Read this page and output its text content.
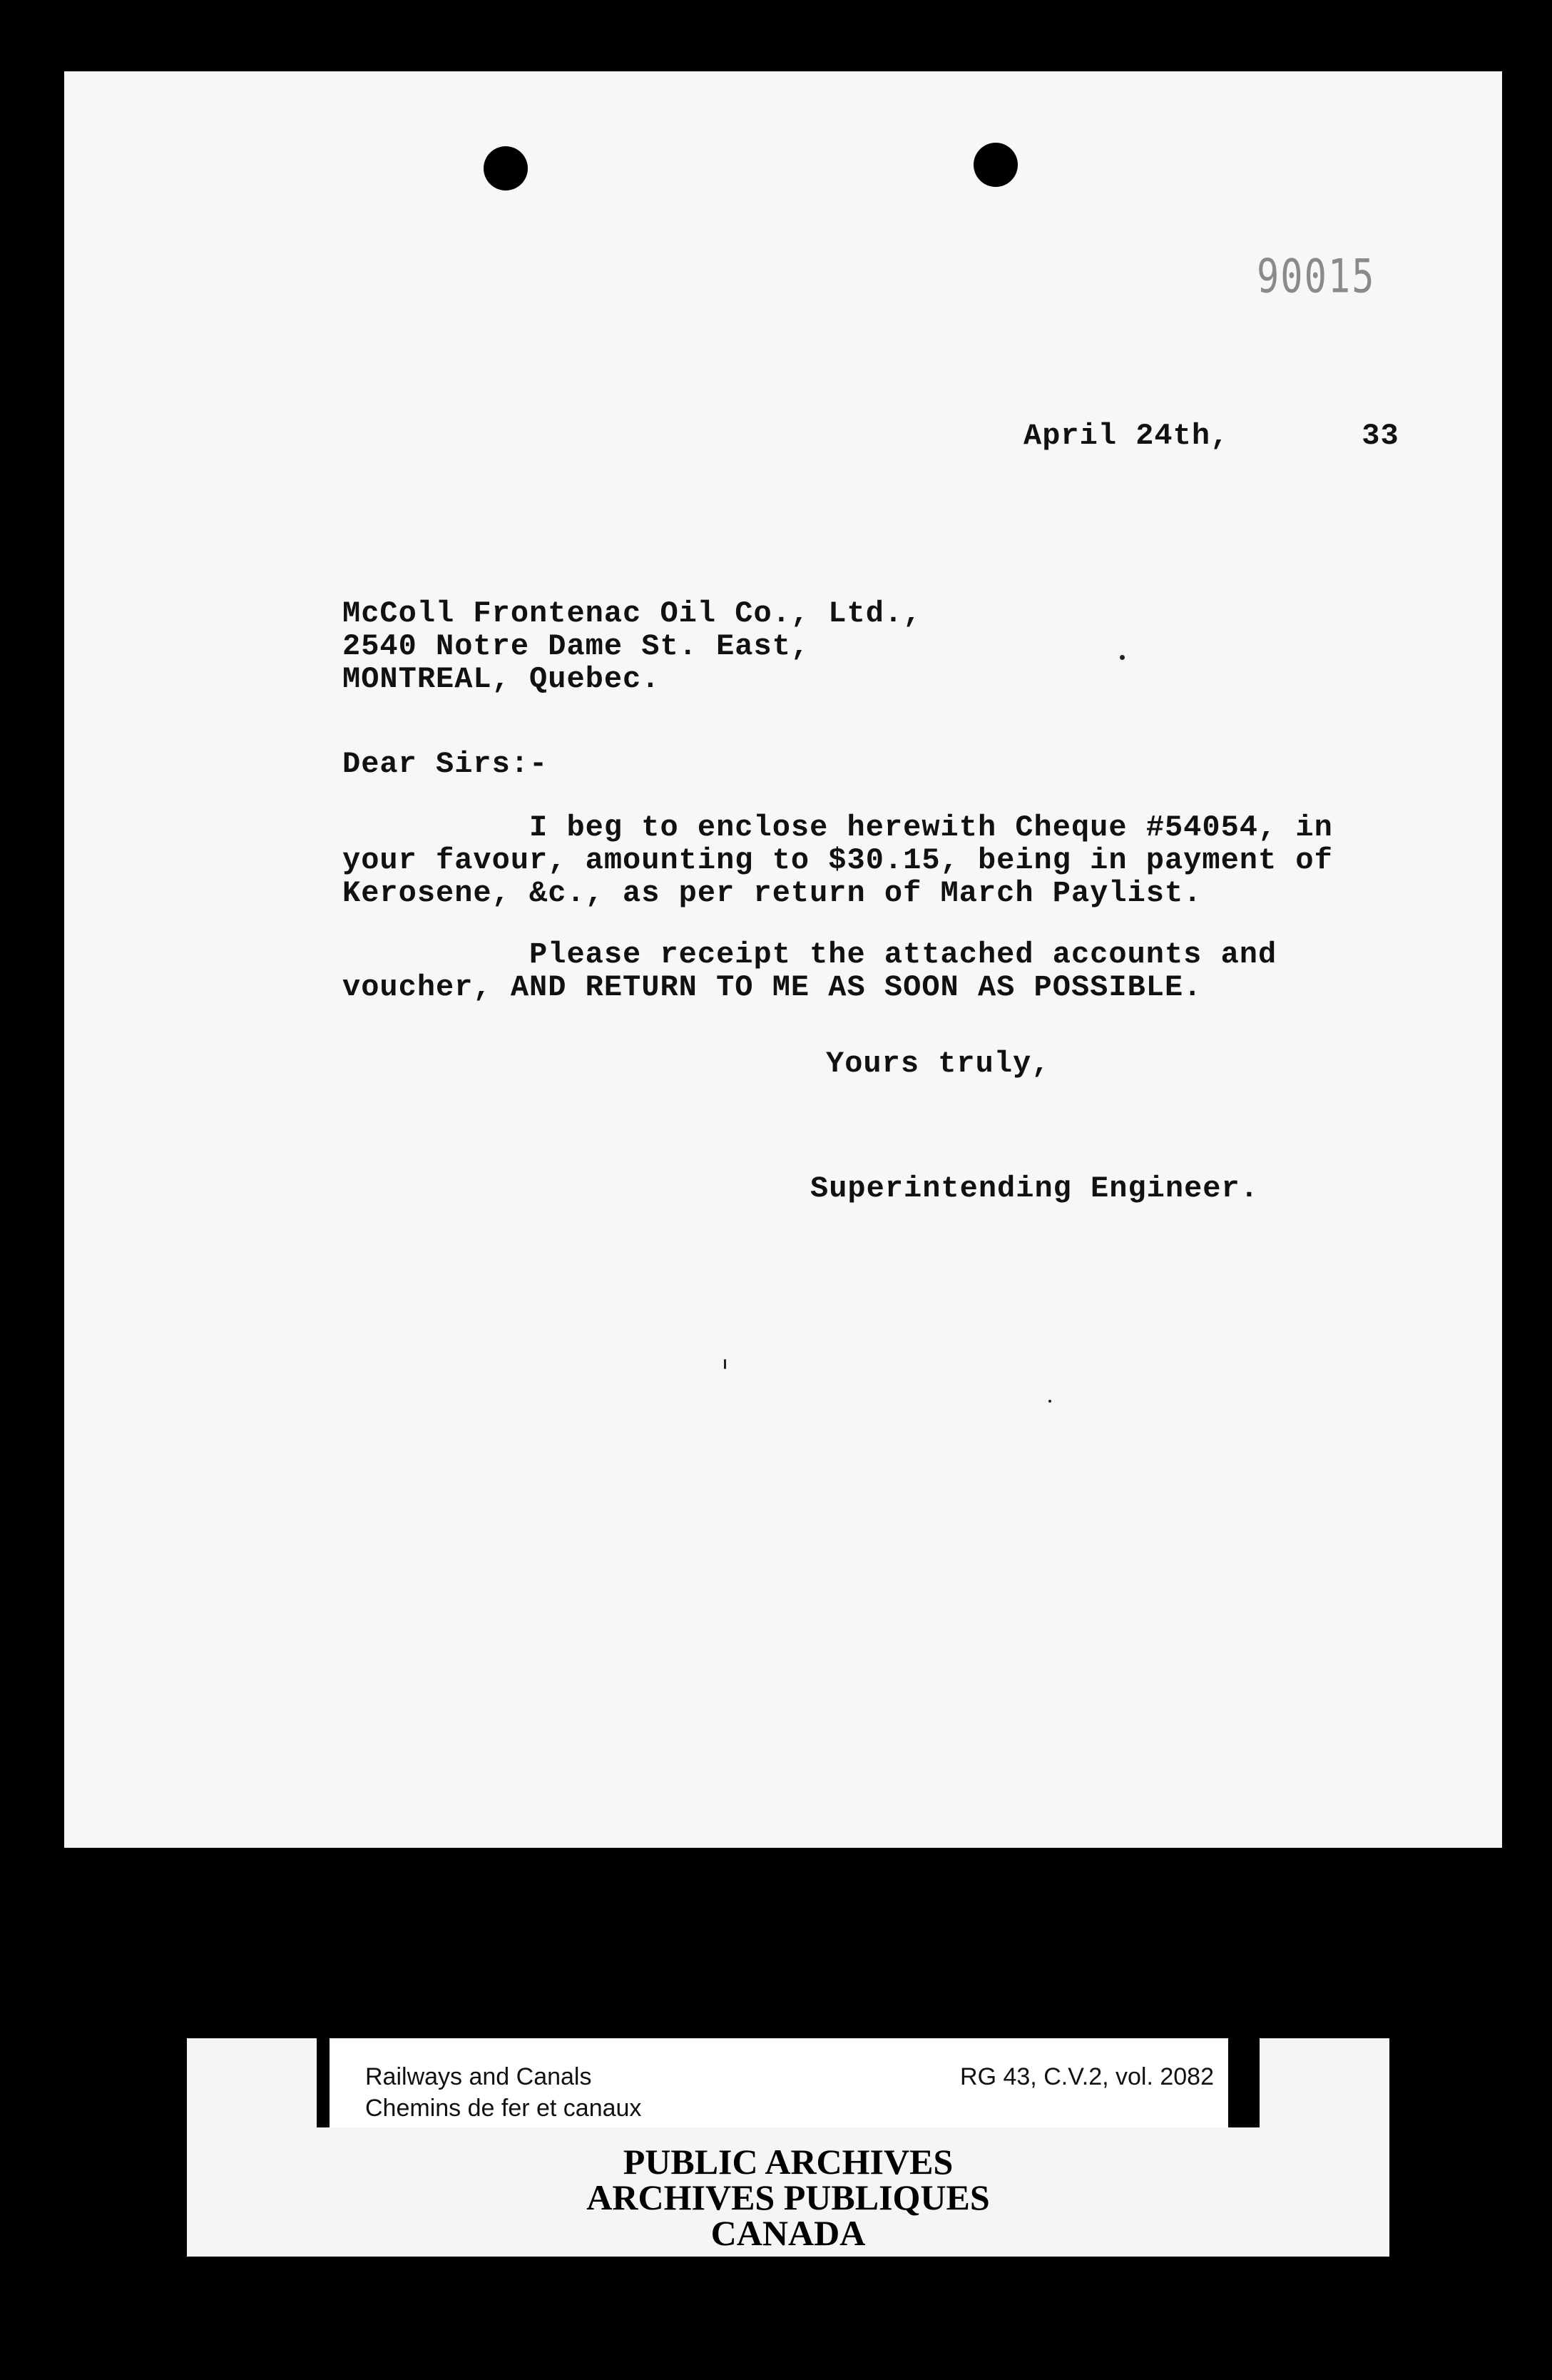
90015
April 24th,	33
McColl Frontenac Oil Co., Ltd.,
2540 Notre Dame St. East,
MONTREAL, Quebec.
Dear Sirs:-
I beg to enclose herewith Cheque #54054, in
your favour, amounting to $30.15, being in payment of
Kerosene, &c., as per return of March Paylist.
Please receipt the attached accounts and
voucher, AND RETURN TO ME AS SOON AS POSSIBLE.
Yours truly,
Superintending Engineer.
Railways and Canals
Chemins de fer et canaux
RG 43, C.V.2, vol. 2082
PUBLIC ARCHIVES
ARCHIVES PUBLIQUES
CANADA
